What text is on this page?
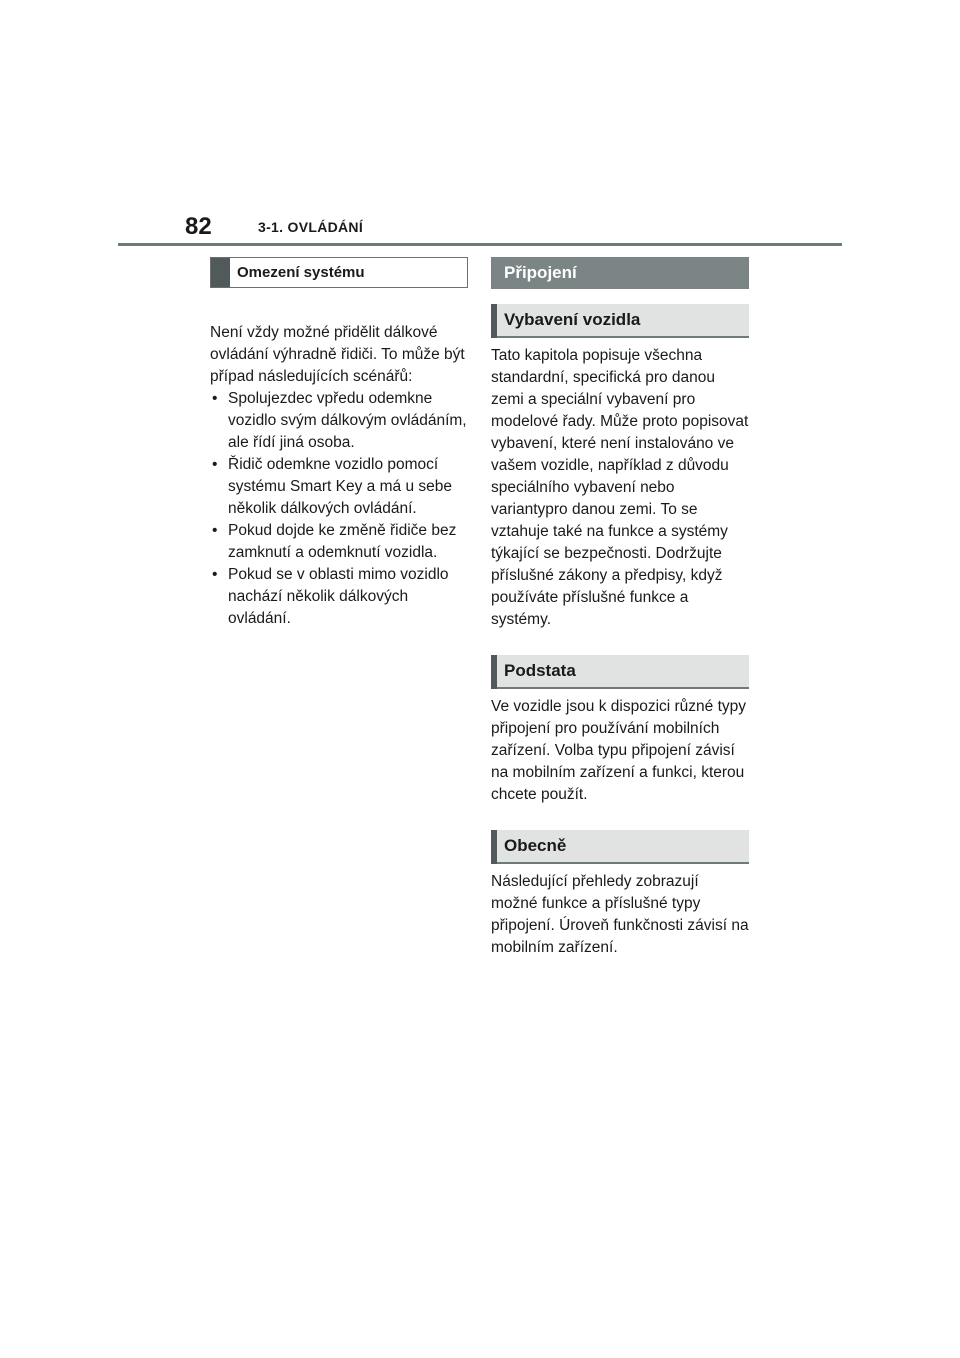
82	3-1. OVLÁDÁNÍ
Omezení systému

Není vždy možné přidělit dálkové ovládání výhradně řidiči. To může být případ následujících scénářů:

• Spolujezdec vpředu odemkne vozidlo svým dálkovým ovládáním, ale řídí jiná osoba.
• Řidič odemkne vozidlo pomocí systému Smart Key a má u sebe několik dálkových ovládání.
• Pokud dojde ke změně řidiče bez zamknutí a odemknutí vozidla.
• Pokud se v oblasti mimo vozidlo nachází několik dálkových ovládání.
Připojení
Vybavení vozidla

Tato kapitola popisuje všechna standardní, specifická pro danou zemi a speciální vybavení pro modelové řady. Může proto popisovat vybavení, které není instalováno ve vašem vozidle, například z důvodu speciálního vybavení nebo variantypro danou zemi. To se vztahuje také na funkce a systémy týkající se bezpečnosti. Dodržujte příslušné zákony a předpisy, když používáte příslušné funkce a systémy.

Podstata

Ve vozidle jsou k dispozici různé typy připojení pro používání mobilních zařízení. Volba typu připojení závisí na mobilním zařízení a funkci, kterou chcete použít.

Obecně

Následující přehledy zobrazují možné funkce a příslušné typy připojení. Úroveň funkčnosti závisí na mobilním zařízení.
